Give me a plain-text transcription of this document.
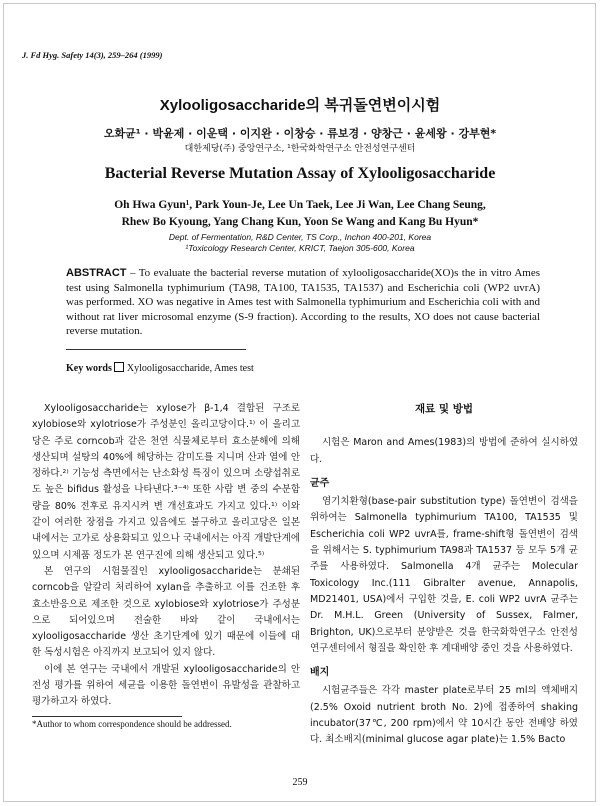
J. Fd Hyg. Safety 14(3), 259–264 (1999)
Xylooligosaccharide의 복귀돌연변이시험
오화균¹ · 박윤제 · 이운택 · 이지완 · 이창승 · 류보경 · 양창근 · 윤세왕 · 강부현*
대한제당(주) 중앙연구소, ¹한국화학연구소 안전성연구센터
Bacterial Reverse Mutation Assay of Xylooligosaccharide
Oh Hwa Gyun¹, Park Youn-Je, Lee Un Taek, Lee Ji Wan, Lee Chang Seung,
Rhew Bo Kyoung, Yang Chang Kun, Yoon Se Wang and Kang Bu Hyun*
Dept. of Fermentation, R&D Center, TS Corp., Inchon 400-201, Korea
¹Toxicology Research Center, KRICT, Taejon 305-600, Korea
ABSTRACT – To evaluate the bacterial reverse mutation of xylooligosaccharide(XO)s the in vitro Ames test using Salmonella typhimurium (TA98, TA100, TA1535, TA1537) and Escherichia coli (WP2 uvrA) was performed. XO was negative in Ames test with Salmonella typhimurium and Escherichia coli with and without rat liver microsomal enzyme (S-9 fraction). According to the results, XO does not cause bacterial reverse mutation.
Key words Xylooligosaccharide, Ames test

Xylooligosaccharide는 xylose가 β-1,4 결합된 구조로 xylobiose와 xylotriose가 주성분인 올리고당이다.¹⁾ 이 올리고당은 주로 corncob과 같은 천연 식물체로부터 효소분해에 의해 생산되며 설탕의 40%에 해당하는 감미도를 지니며 산과 열에 안정하다.²⁾ 기능성 측면에서는 난소화성 특징이 있으며 소량섭취로도 높은 bifidus 활성을 나타낸다.³⁻⁴⁾ 또한 사람 변 중의 수분함량을 80% 전후로 유지시켜 변 개선효과도 가지고 있다.¹⁾ 이와 같이 여러한 장점을 가지고 있음에도 불구하고 올리고당은 일본내에서는 고가로 상용화되고 있으나 국내에서는 아직 개발단계에 있으며 시제품 정도가 본 연구진에 의해 생산되고 있다.⁵⁾

본 연구의 시험물질인 xylooligosaccharide는 분쇄된 corncob을 알칼리 처리하여 xylan을 추출하고 이를 건조한 후 효소반응으로 제조한 것으로 xylobiose와 xylotriose가 주성분으로 되어있으며 전술한 바와 같이 국내에서는 xylooligosaccharide 생산 초기단계에 있기 때문에 이들에 대한 독성시험은 아직까지 보고되어 있지 않다.

이에 본 연구는 국내에서 개발된 xylooligosaccharide의 안전성 평가를 위하여 세균을 이용한 돌연변이 유발성을 관찰하고 평가하고자 하였다.

재료 및 방법

시험은 Maron and Ames(1983)의 방법에 준하여 실시하였다.

균주

염기치환형(base-pair substitution type) 돌연변이 검색을 위하여는 Salmonella typhimurium TA100, TA1535 및 Escherichia coli WP2 uvrA를, frame-shift형 돌연변이 검색을 위해서는 S. typhimurium TA98과 TA1537 등 모두 5개 균주를 사용하였다. Salmonella 4개 균주는 Molecular Toxicology Inc.(111 Gibralter avenue, Annapolis, MD21401, USA)에서 구입한 것을, E. coli WP2 uvrA 균주는 Dr. M.H.L. Green (University of Sussex, Falmer, Brighton, UK)으로부터 분양받은 것을 한국화학연구소 안전성연구센터에서 형질을 확인한 후 계대배양 중인 것을 사용하였다.

배지

시험균주들은 각각 master plate로부터 25 ml의 액체배지(2.5% Oxoid nutrient broth No. 2)에 접종하여 shaking incubator(37℃, 200 rpm)에서 약 10시간 동안 전배양 하였다. 최소배지(minimal glucose agar plate)는 1.5% Bacto

*Author to whom correspondence should be addressed.
259
